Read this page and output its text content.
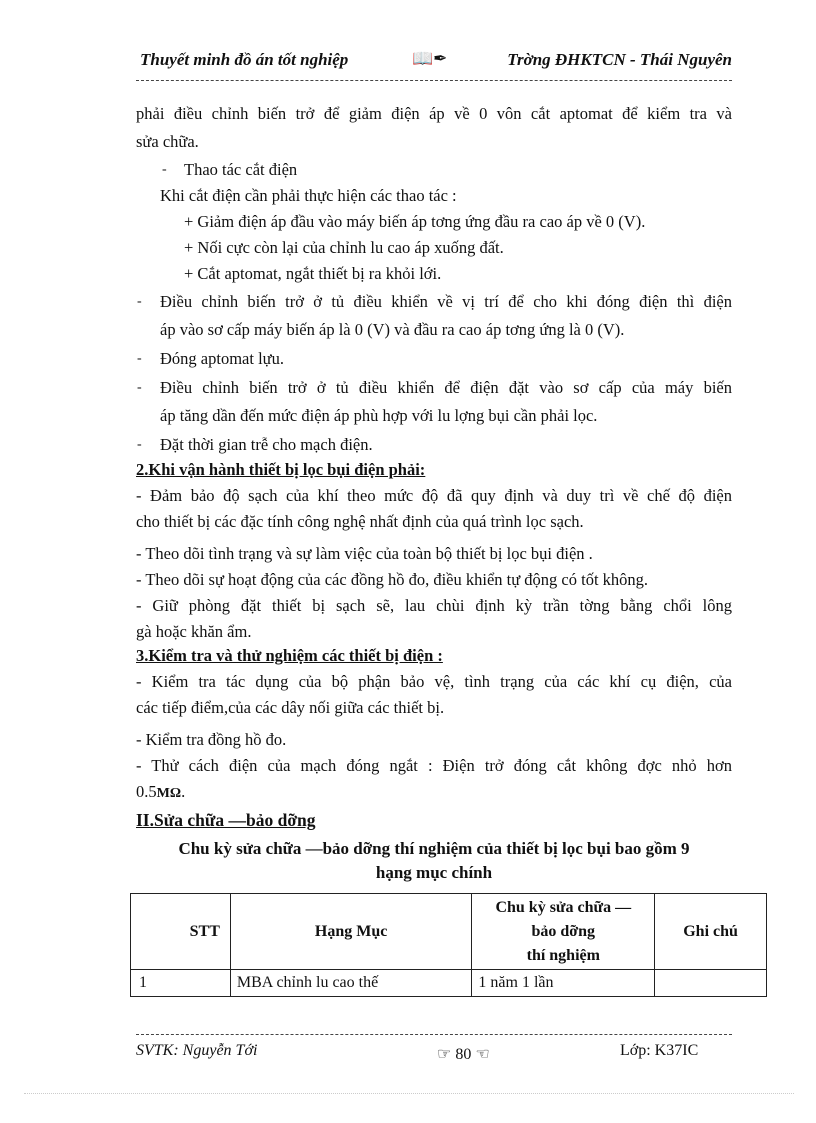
Thuyết minh đồ án tốt nghiệp	📖✒	Trờng ĐHKTCN - Thái Nguyên
phải điều chỉnh biến trở để giảm điện áp về 0 vôn cắt aptomat để kiểm tra và
sửa chữa.
- Thao tác cắt điện
Khi cắt điện cần phải thực hiện các thao tác :
+ Giảm điện áp đầu vào máy biến áp tơng ứng đầu ra cao áp về 0 (V).
+ Nối cực còn lại của chỉnh lu cao áp xuống đất.
+ Cắt aptomat, ngắt thiết bị ra khỏi lới.
- Điều chỉnh biến trở ở tủ điều khiển về vị trí để cho khi đóng điện thì điện
áp vào sơ cấp máy biến áp là 0 (V) và đầu ra cao áp tơng ứng là 0 (V).
- Đóng aptomat lựu.
- Điều chỉnh biến trở ở tủ điều khiển để điện đặt vào sơ cấp của máy biến
áp tăng dần đến mức điện áp phù hợp với lu lợng bụi cần phải lọc.
- Đặt thời gian trễ cho mạch điện.
2.Khi vận hành thiết bị lọc bụi điện phải:
- Đảm bảo độ sạch của khí theo mức độ đã quy định và duy trì về chế độ điện
cho thiết bị các đặc tính công nghệ nhất định của quá trình lọc sạch.
- Theo dõi tình trạng và sự làm việc của toàn bộ thiết bị lọc bụi điện .
- Theo dõi sự hoạt động của các đồng hồ đo, điều khiển tự động có tốt không.
- Giữ phòng đặt thiết bị sạch sẽ, lau chùi định kỳ trần tờng bằng chổi lông
gà hoặc khăn ẩm.
3.Kiểm tra và thử nghiệm các thiết bị điện :
- Kiểm tra tác dụng của bộ phận bảo vệ, tình trạng của các khí cụ điện, của
các tiếp điểm,của các dây nối giữa các thiết bị.
- Kiểm tra đồng hồ đo.
- Thử cách điện của mạch đóng ngắt : Điện trở đóng cắt không đợc nhỏ hơn
0.5MΩ.
II.Sửa chữa —bảo dỡng
Chu kỳ sửa chữa —bảo dỡng thí nghiệm của thiết bị lọc bụi bao gồm 9
hạng mục chính
STT	Hạng Mục	Chu kỳ sửa chữa —
bảo dỡng
thí nghiệm	Ghi chú
1	MBA chỉnh lu cao thế	1 năm 1 lần	
SVTK: Nguyễn Tới	☞ 80 ☜	Lớp: K37IC
